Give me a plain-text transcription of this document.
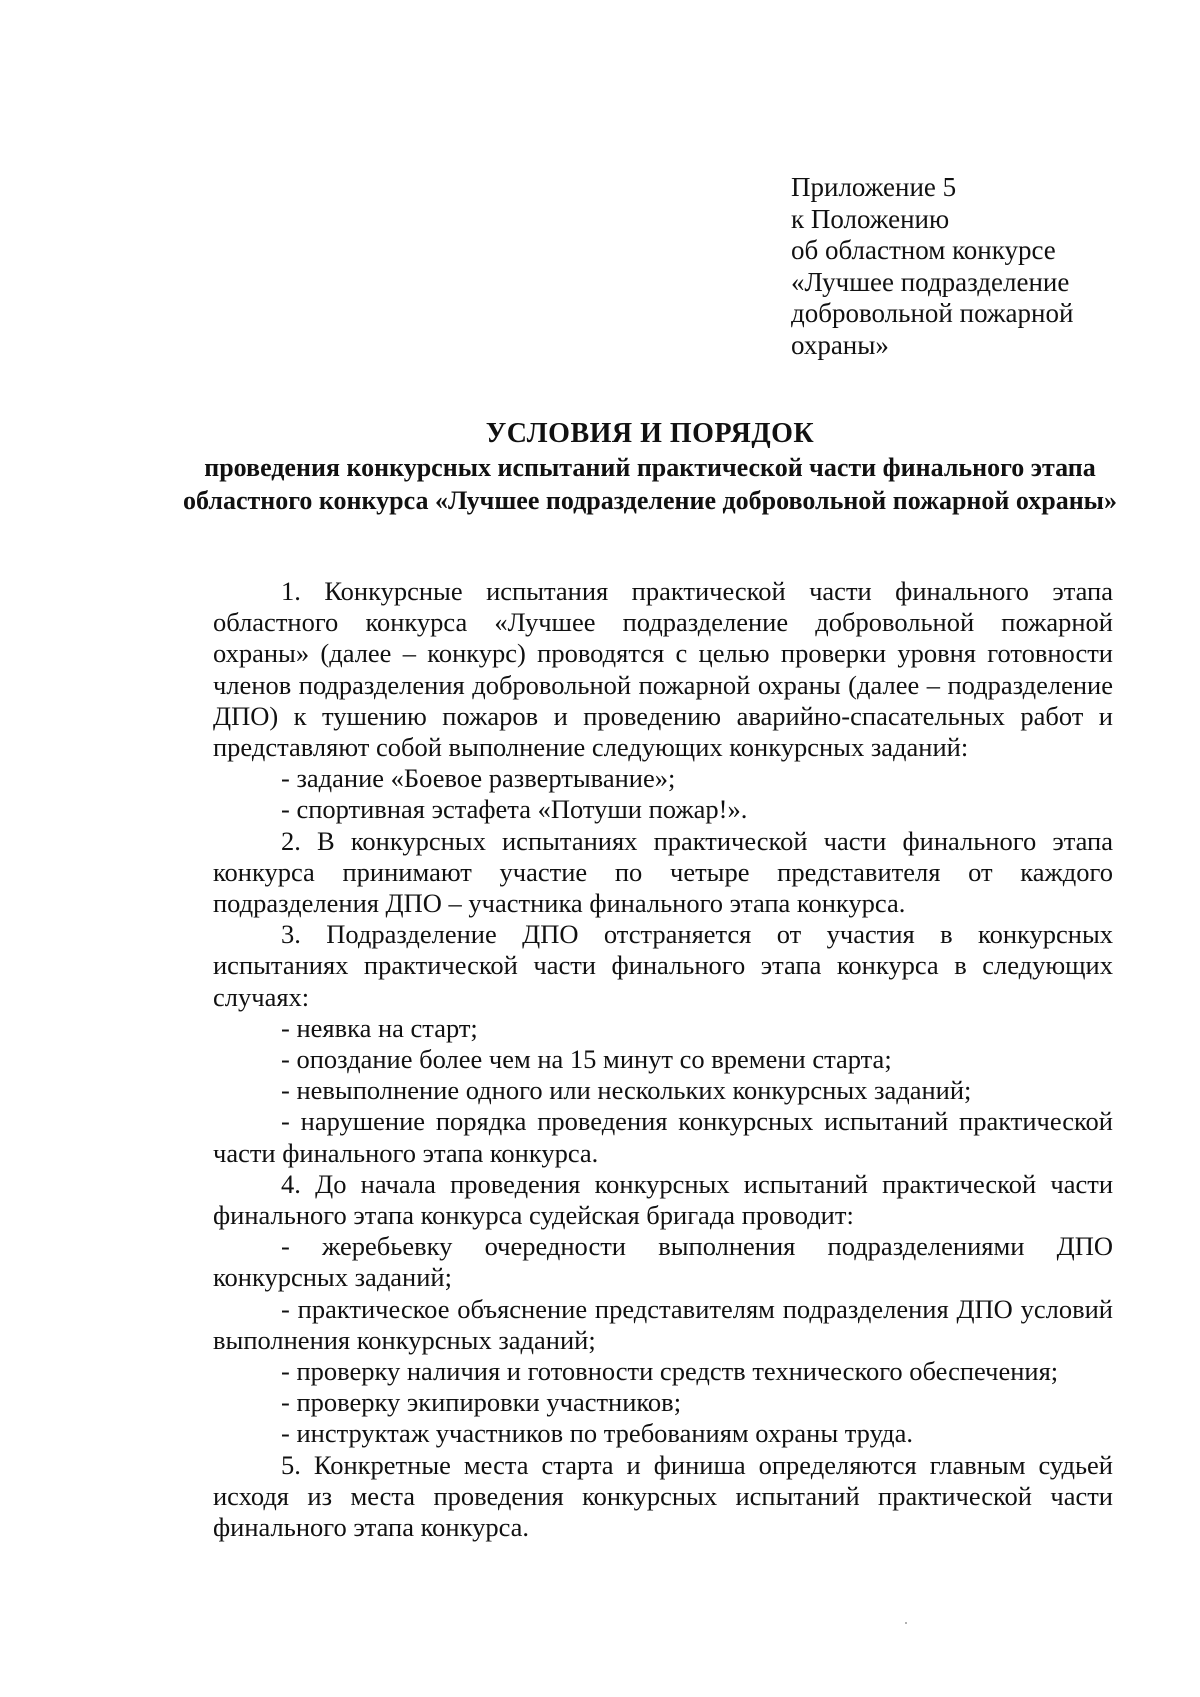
Приложение 5
к Положению
об областном конкурсе
«Лучшее подразделение
добровольной пожарной
охраны»
УСЛОВИЯ И ПОРЯДОК
проведения конкурсных испытаний практической части финального этапа областного конкурса «Лучшее подразделение добровольной пожарной охраны»

1. Конкурсные испытания практической части финального этапа областного конкурса «Лучшее подразделение добровольной пожарной охраны» (далее – конкурс) проводятся с целью проверки уровня готовности членов подразделения добровольной пожарной охраны (далее – подразделение ДПО) к тушению пожаров и проведению аварийно-спасательных работ и представляют собой выполнение следующих конкурсных заданий:

- задание «Боевое развертывание»;

- спортивная эстафета «Потуши пожар!».

2. В конкурсных испытаниях практической части финального этапа конкурса принимают участие по четыре представителя от каждого подразделения ДПО – участника финального этапа конкурса.

3. Подразделение ДПО отстраняется от участия в конкурсных испытаниях практической части финального этапа конкурса в следующих случаях:

- неявка на старт;

- опоздание более чем на 15 минут со времени старта;

- невыполнение одного или нескольких конкурсных заданий;

- нарушение порядка проведения конкурсных испытаний практической части финального этапа конкурса.

4. До начала проведения конкурсных испытаний практической части финального этапа конкурса судейская бригада проводит:

- жеребьевку очередности выполнения подразделениями ДПО конкурсных заданий;

- практическое объяснение представителям подразделения ДПО условий выполнения конкурсных заданий;

- проверку наличия и готовности средств технического обеспечения;

- проверку экипировки участников;

- инструктаж участников по требованиям охраны труда.

5. Конкретные места старта и финиша определяются главным судьей исходя из места проведения конкурсных испытаний практической части финального этапа конкурса.
